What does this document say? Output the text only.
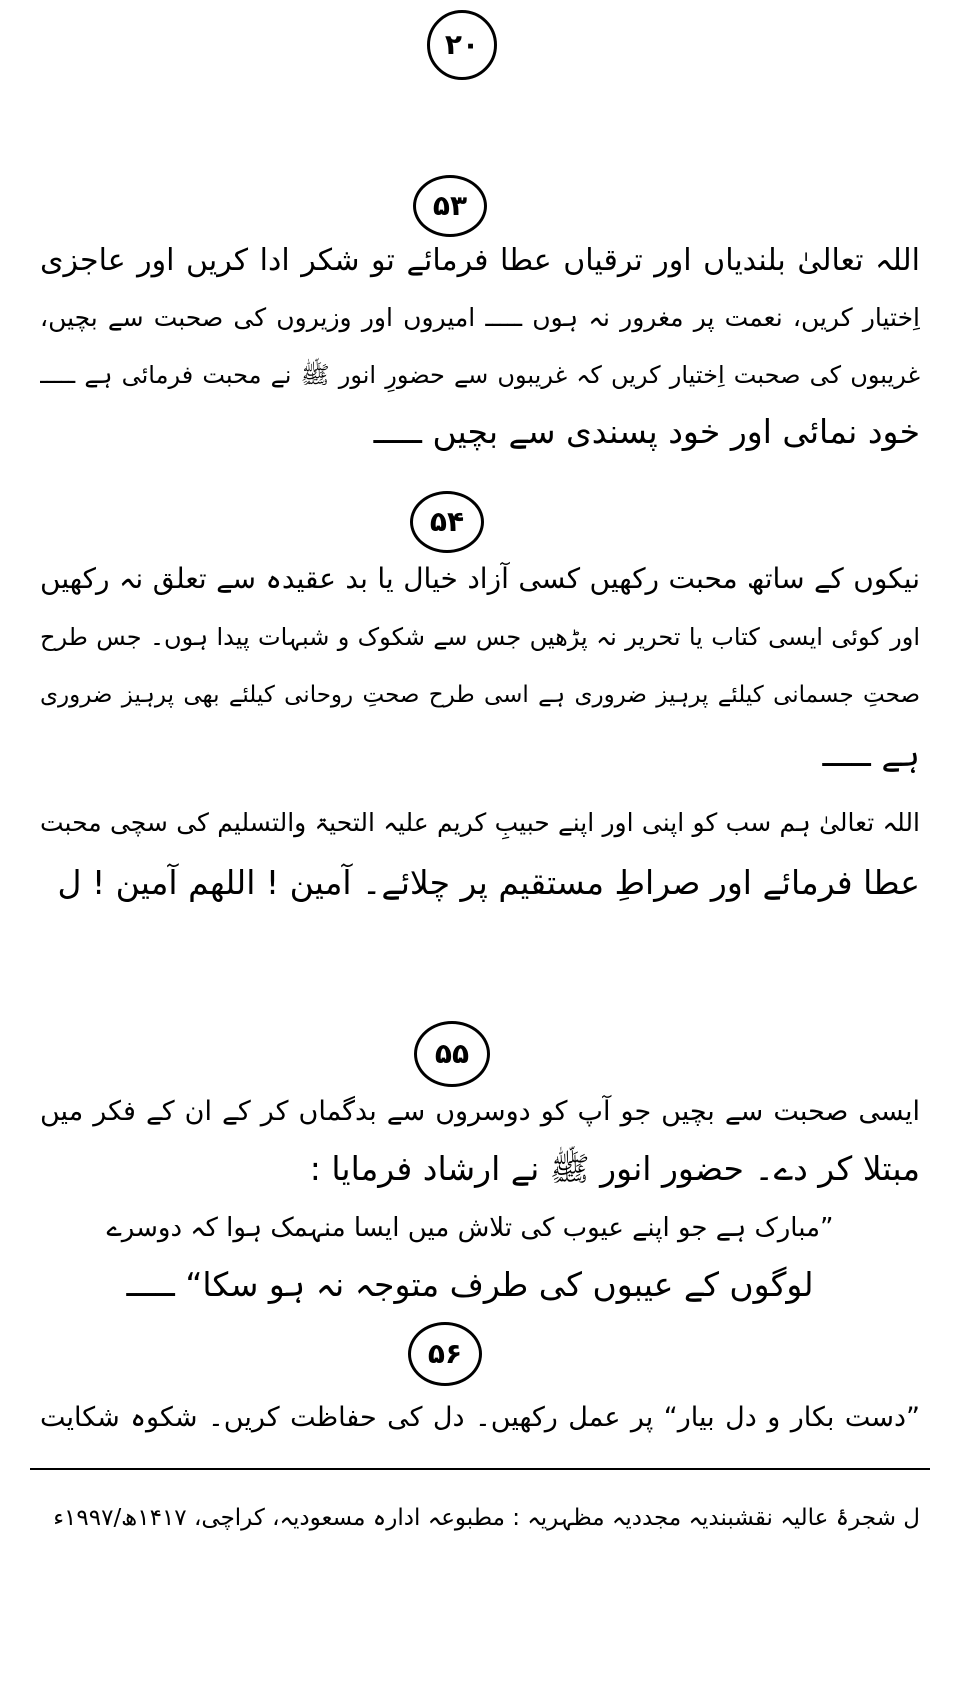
۲۰
۵۳
اللہ تعالیٰ بلندیاں اور ترقیاں عطا فرمائے تو شکر ادا کریں اور عاجزی
اِختیار کریں، نعمت پر مغرور نہ ہوں ـــــ امیروں اور وزیروں کی صحبت سے بچیں،
غریبوں کی صحبت اِختیار کریں کہ غریبوں سے حضورِ انور ﷺ نے محبت فرمائی ہے ـــــ
خود نمائی اور خود پسندی سے بچیں ـــــ
۵۴
نیکوں کے ساتھ محبت رکھیں کسی آزاد خیال یا بد عقیدہ سے تعلق نہ رکھیں
اور کوئی ایسی کتاب یا تحریر نہ پڑھیں جس سے شکوک و شبہات پیدا ہوں۔ جس طرح
صحتِ جسمانی کیلئے پرہیز ضروری ہے اسی طرح صحتِ روحانی کیلئے بھی پرہیز ضروری
ہے ـــــ
اللہ تعالیٰ ہم سب کو اپنی اور اپنے حبیبِ کریم علیہ التحیۃ والتسلیم کی سچی محبت
عطا فرمائے اور صراطِ مستقیم پر چلائے۔ آمین ! اللھم آمین ! ل
۵۵
ایسی صحبت سے بچیں جو آپ کو دوسروں سے بدگماں کر کے ان کے فکر میں
مبتلا کر دے۔ حضور انور ﷺ نے ارشاد فرمایا :
”مبارک ہے جو اپنے عیوب کی تلاش میں ایسا منہمک ہوا کہ دوسرے
لوگوں کے عیبوں کی طرف متوجہ نہ ہو سکا“ ـــــ
۵۶
”دست بکار و دل بیار“ پر عمل رکھیں۔ دل کی حفاظت کریں۔ شکوہ شکایت
ل شجرۂ عالیہ نقشبندیہ مجددیہ مظہریہ : مطبوعہ ادارہ مسعودیہ، کراچی، ۱۴۱۷ھ/۱۹۹۷ء
